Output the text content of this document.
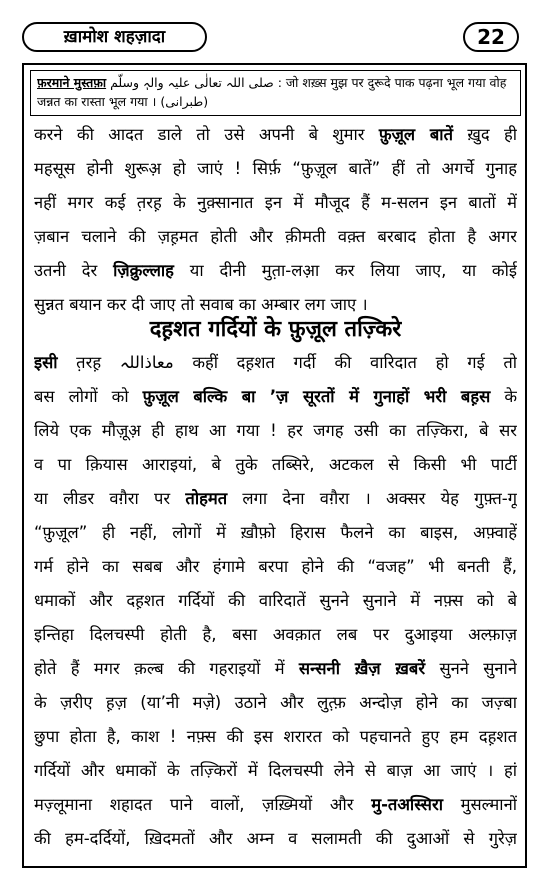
ख़ामोश शहज़ादा	22
फ़रमाने मुस्तफ़ा صلی اللہ تعالٰی علیہ والہٖ وسلّم : जो शख़्स मुझ पर दुरूदे पाक पढ़ना भूल गया वोह
जन्नत का रास्ता भूल गया । (طبرانی)
करने की आदत डाले तो उसे अपनी बे शुमार फ़ुज़ूल बातें ख़ुद ही
महसूस होनी शुरूअ़ हो जाएं ! सिर्फ़ “फ़ुज़ूल बातें” हीं तो अगर्चे गुनाह
नहीं मगर कई त़रह़ के नुक़्सानात इन में मौजूद हैं म-सलन इन बातों में
ज़बान चलाने की ज़ह़मत होती और क़ीमती वक़्त बरबाद होता है अगर
उतनी देर ज़िक्रुल्लाह या दीनी मुत़ा-लआ़ कर लिया जाए, या कोई
सुन्नत बयान कर दी जाए तो सवाब का अम्बार लग जाए ।
दह़शत गर्दियों के फ़ुज़ूल तज़्किरे
इसी त़रह़ معاذاللہ कहीं दह़शत गर्दी की वारिदात हो गई तो
बस लोगों को फ़ुज़ूल बल्कि बा ’ज़ सूरतों में गुनाहों भरी बह़स के
लिये एक मौज़ूअ़ ही हाथ आ गया ! हर जगह उसी का तज़्किरा, बे सर
व पा क़ियास आराइयां, बे तुके तब्सिरे, अटकल से किसी भी पार्टी
या लीडर वग़ैरा पर तोहमत लगा देना वग़ैरा । अक्सर येह गुफ़्त-गू
“फ़ुज़ूल” ही नहीं, लोगों में ख़ौफ़ो हिरास फैलने का बाइस, अफ़्वाहें
गर्म होने का सबब और हंगामे बरपा होने की “वजह” भी बनती हैं,
धमाकों और दह़शत गर्दियों की वारिदातें सुनने सुनाने में नफ़्स को बे
इन्तिहा दिलचस्पी होती है, बसा अवक़ात लब पर दुआइया अल्फ़ाज़
होते हैं मगर क़ल्ब की गहराइयों में सन्सनी ख़ैज़ ख़बरें सुनने सुनाने
के ज़रीए ह़ज़ (या’नी मज़े) उठाने और लुत़्फ़ अन्दोज़ होने का जज़्बा
छुपा होता है, काश ! नफ़्स की इस शरारत को पहचानते हुए हम दह़शत
गर्दियों और धमाकों के तज़्किरों में दिलचस्पी लेने से बाज़ आ जाएं । हां
मज़्लूमाना शहादत पाने वालों, ज़ख़्मियों और मु-तअस्सिरा मुसल्मानों
की हम-दर्दियों, ख़िदमतों और अम्न व सलामती की दुआओं से गुरेज़
